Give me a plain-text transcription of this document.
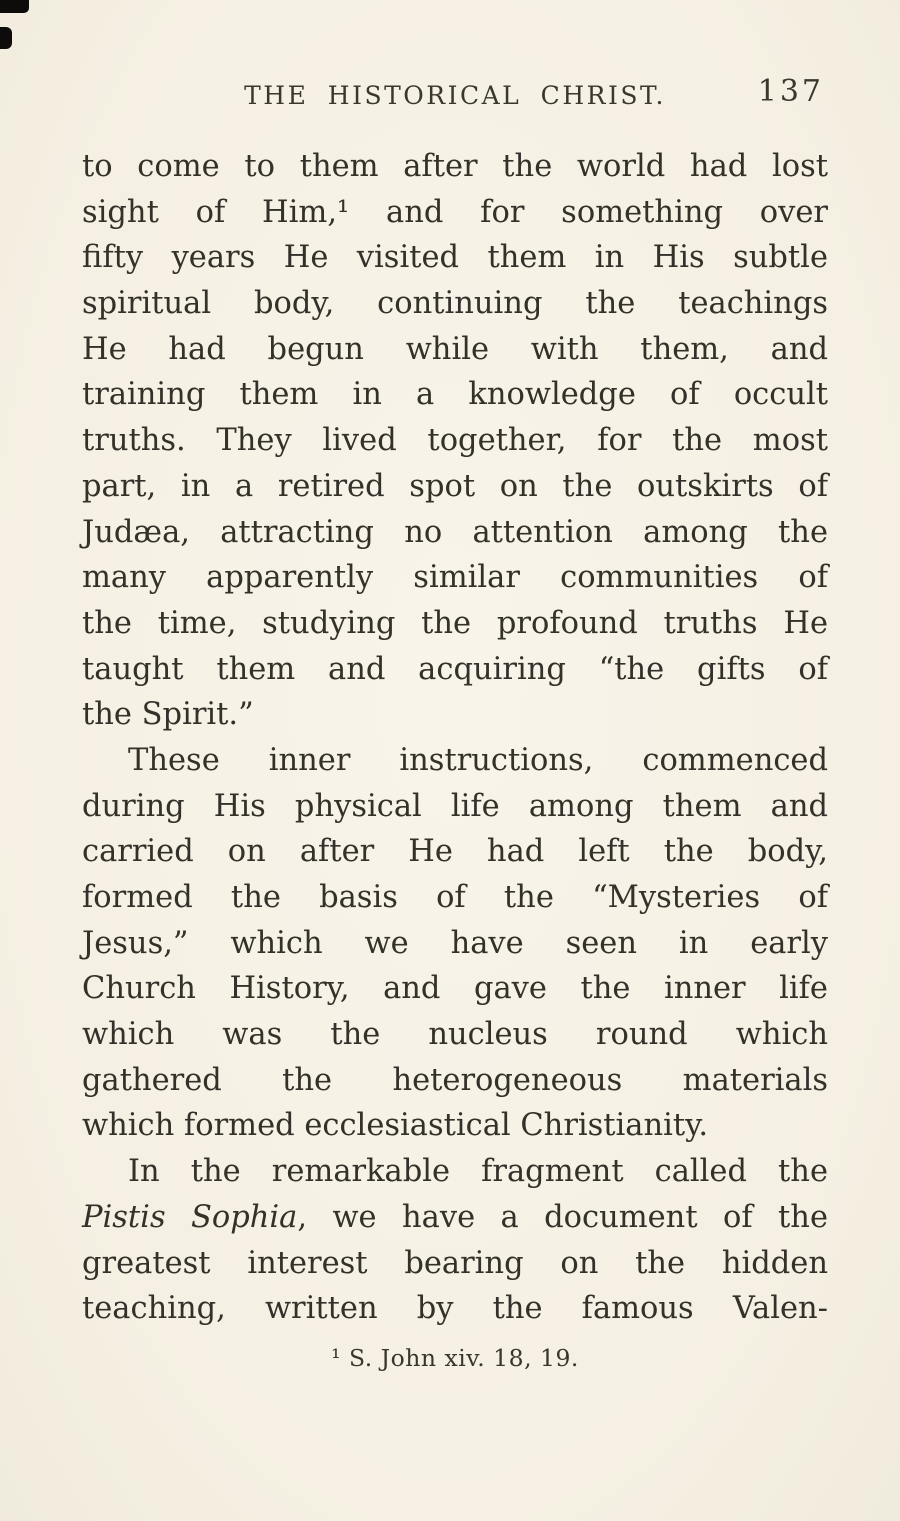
THE HISTORICAL CHRIST.	137
to come to them after the world had lost
sight of Him,¹ and for something over
fifty years He visited them in His subtle
spiritual body, continuing the teachings
He had begun while with them, and
training them in a knowledge of occult
truths. They lived together, for the most
part, in a retired spot on the outskirts of
Judæa, attracting no attention among the
many apparently similar communities of
the time, studying the profound truths He
taught them and acquiring “the gifts of
the Spirit.”
These inner instructions, commenced
during His physical life among them and
carried on after He had left the body,
formed the basis of the “Mysteries of
Jesus,” which we have seen in early
Church History, and gave the inner life
which was the nucleus round which
gathered the heterogeneous materials
which formed ecclesiastical Christianity.
In the remarkable fragment called the
Pistis Sophia, we have a document of the
greatest interest bearing on the hidden
teaching, written by the famous Valen-
¹ S. John xiv. 18, 19.
